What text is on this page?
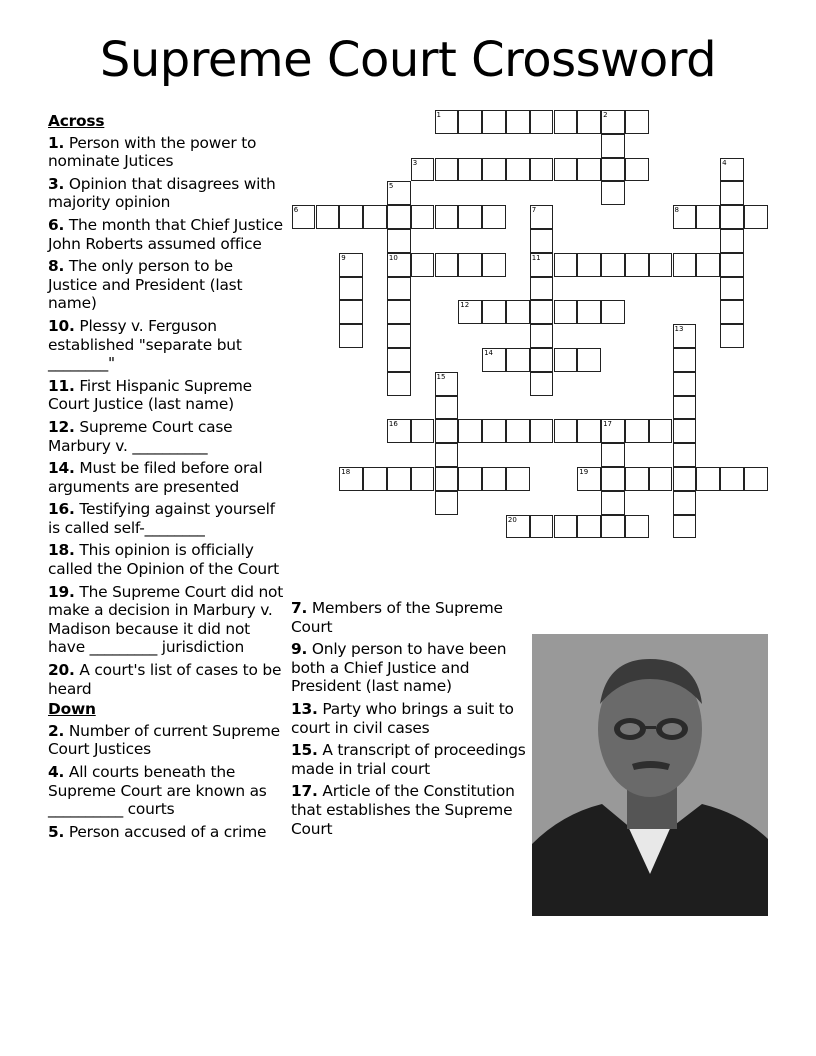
Supreme Court Crossword
1	2
3	4
5
10
6	7
11
8
9
12
13
14
15
16	17
18	19
20
Across
1. Person with the power to nominate Jutices
3. Opinion that disagrees with majority opinion
6. The month that Chief Justice John Roberts assumed office
8. The only person to be Justice and President (last name)
10. Plessy v. Ferguson established "separate but ________"
11. First Hispanic Supreme Court Justice (last name)
12. Supreme Court case Marbury v. __________
14. Must be filed before oral arguments are presented
16. Testifying against yourself is called self-________
18. This opinion is officially called the Opinion of the Court
19. The Supreme Court did not make a decision in Marbury v. Madison because it did not have _________ jurisdiction
20. A court's list of cases to be heard
Down
2. Number of current Supreme Court Justices
4. All courts beneath the Supreme Court are known as __________ courts
5. Person accused of a crime
7. Members of the Supreme Court
9. Only person to have been both a Chief Justice and President (last name)
13. Party who brings a suit to court in civil cases
15. A transcript of proceedings made in trial court
17. Article of the Constitution that establishes the Supreme Court
